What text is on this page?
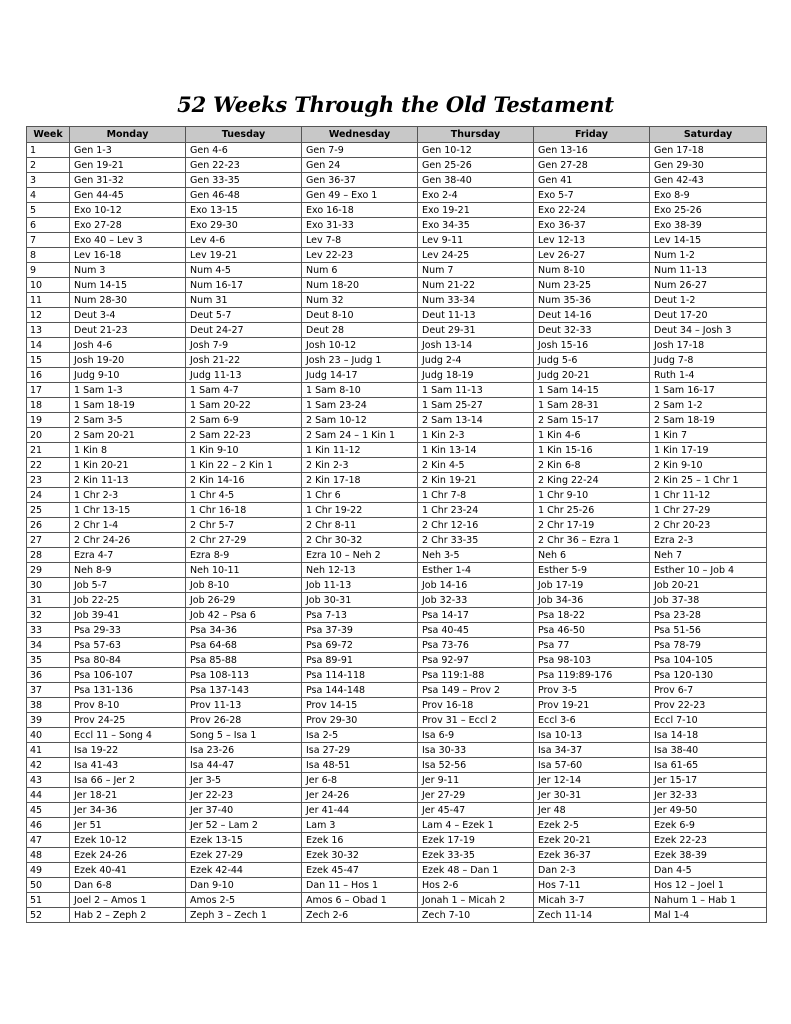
52 Weeks Through the Old Testament
Week	Monday	Tuesday	Wednesday	Thursday	Friday	Saturday
1	Gen 1-3	Gen 4-6	Gen 7-9	Gen 10-12	Gen 13-16	Gen 17-18
2	Gen 19-21	Gen 22-23	Gen 24	Gen 25-26	Gen 27-28	Gen 29-30
3	Gen 31-32	Gen 33-35	Gen 36-37	Gen 38-40	Gen 41	Gen 42-43
4	Gen 44-45	Gen 46-48	Gen 49 – Exo 1	Exo 2-4	Exo 5-7	Exo 8-9
5	Exo 10-12	Exo 13-15	Exo 16-18	Exo 19-21	Exo 22-24	Exo 25-26
6	Exo 27-28	Exo 29-30	Exo 31-33	Exo 34-35	Exo 36-37	Exo 38-39
7	Exo 40 – Lev 3	Lev 4-6	Lev 7-8	Lev 9-11	Lev 12-13	Lev 14-15
8	Lev 16-18	Lev 19-21	Lev 22-23	Lev 24-25	Lev 26-27	Num 1-2
9	Num 3	Num 4-5	Num 6	Num 7	Num 8-10	Num 11-13
10	Num 14-15	Num 16-17	Num 18-20	Num 21-22	Num 23-25	Num 26-27
11	Num 28-30	Num 31	Num 32	Num 33-34	Num 35-36	Deut 1-2
12	Deut 3-4	Deut 5-7	Deut 8-10	Deut 11-13	Deut 14-16	Deut 17-20
13	Deut 21-23	Deut 24-27	Deut 28	Deut 29-31	Deut 32-33	Deut 34 – Josh 3
14	Josh 4-6	Josh 7-9	Josh 10-12	Josh 13-14	Josh 15-16	Josh 17-18
15	Josh 19-20	Josh 21-22	Josh 23 – Judg 1	Judg 2-4	Judg 5-6	Judg 7-8
16	Judg 9-10	Judg 11-13	Judg 14-17	Judg 18-19	Judg 20-21	Ruth 1-4
17	1 Sam 1-3	1 Sam 4-7	1 Sam 8-10	1 Sam 11-13	1 Sam 14-15	1 Sam 16-17
18	1 Sam 18-19	1 Sam 20-22	1 Sam 23-24	1 Sam 25-27	1 Sam 28-31	2 Sam 1-2
19	2 Sam 3-5	2 Sam 6-9	2 Sam 10-12	2 Sam 13-14	2 Sam 15-17	2 Sam 18-19
20	2 Sam 20-21	2 Sam 22-23	2 Sam 24 – 1 Kin 1	1 Kin 2-3	1 Kin 4-6	1 Kin 7
21	1 Kin 8	1 Kin 9-10	1 Kin 11-12	1 Kin 13-14	1 Kin 15-16	1 Kin 17-19
22	1 Kin 20-21	1 Kin 22 – 2 Kin 1	2 Kin 2-3	2 Kin 4-5	2 Kin 6-8	2 Kin 9-10
23	2 Kin 11-13	2 Kin 14-16	2 Kin 17-18	2 Kin 19-21	2 King 22-24	2 Kin 25 – 1 Chr 1
24	1 Chr 2-3	1 Chr 4-5	1 Chr 6	1 Chr 7-8	1 Chr 9-10	1 Chr 11-12
25	1 Chr 13-15	1 Chr 16-18	1 Chr 19-22	1 Chr 23-24	1 Chr 25-26	1 Chr 27-29
26	2 Chr 1-4	2 Chr 5-7	2 Chr 8-11	2 Chr 12-16	2 Chr 17-19	2 Chr 20-23
27	2 Chr 24-26	2 Chr 27-29	2 Chr 30-32	2 Chr 33-35	2 Chr 36 – Ezra 1	Ezra 2-3
28	Ezra 4-7	Ezra 8-9	Ezra 10 – Neh 2	Neh 3-5	Neh 6	Neh 7
29	Neh 8-9	Neh 10-11	Neh 12-13	Esther 1-4	Esther 5-9	Esther 10 – Job 4
30	Job 5-7	Job 8-10	Job 11-13	Job 14-16	Job 17-19	Job 20-21
31	Job 22-25	Job 26-29	Job 30-31	Job 32-33	Job 34-36	Job 37-38
32	Job 39-41	Job 42 – Psa 6	Psa 7-13	Psa 14-17	Psa 18-22	Psa 23-28
33	Psa 29-33	Psa 34-36	Psa 37-39	Psa 40-45	Psa 46-50	Psa 51-56
34	Psa 57-63	Psa 64-68	Psa 69-72	Psa 73-76	Psa 77	Psa 78-79
35	Psa 80-84	Psa 85-88	Psa 89-91	Psa 92-97	Psa 98-103	Psa 104-105
36	Psa 106-107	Psa 108-113	Psa 114-118	Psa 119:1-88	Psa 119:89-176	Psa 120-130
37	Psa 131-136	Psa 137-143	Psa 144-148	Psa 149 – Prov 2	Prov 3-5	Prov 6-7
38	Prov 8-10	Prov 11-13	Prov 14-15	Prov 16-18	Prov 19-21	Prov 22-23
39	Prov 24-25	Prov 26-28	Prov 29-30	Prov 31 – Eccl 2	Eccl 3-6	Eccl 7-10
40	Eccl 11 – Song 4	Song 5 – Isa 1	Isa 2-5	Isa 6-9	Isa 10-13	Isa 14-18
41	Isa 19-22	Isa 23-26	Isa 27-29	Isa 30-33	Isa 34-37	Isa 38-40
42	Isa 41-43	Isa 44-47	Isa 48-51	Isa 52-56	Isa 57-60	Isa 61-65
43	Isa 66 – Jer 2	Jer 3-5	Jer 6-8	Jer 9-11	Jer 12-14	Jer 15-17
44	Jer 18-21	Jer 22-23	Jer 24-26	Jer 27-29	Jer 30-31	Jer 32-33
45	Jer 34-36	Jer 37-40	Jer 41-44	Jer 45-47	Jer 48	Jer 49-50
46	Jer 51	Jer 52 – Lam 2	Lam 3	Lam 4 – Ezek 1	Ezek 2-5	Ezek 6-9
47	Ezek 10-12	Ezek 13-15	Ezek 16	Ezek 17-19	Ezek 20-21	Ezek 22-23
48	Ezek 24-26	Ezek 27-29	Ezek 30-32	Ezek 33-35	Ezek 36-37	Ezek 38-39
49	Ezek 40-41	Ezek 42-44	Ezek 45-47	Ezek 48 – Dan 1	Dan 2-3	Dan 4-5
50	Dan 6-8	Dan 9-10	Dan 11 – Hos 1	Hos 2-6	Hos 7-11	Hos 12 – Joel 1
51	Joel 2 – Amos 1	Amos 2-5	Amos 6 – Obad 1	Jonah 1 – Micah 2	Micah 3-7	Nahum 1 – Hab 1
52	Hab 2 – Zeph 2	Zeph 3 – Zech 1	Zech 2-6	Zech 7-10	Zech 11-14	Mal 1-4
